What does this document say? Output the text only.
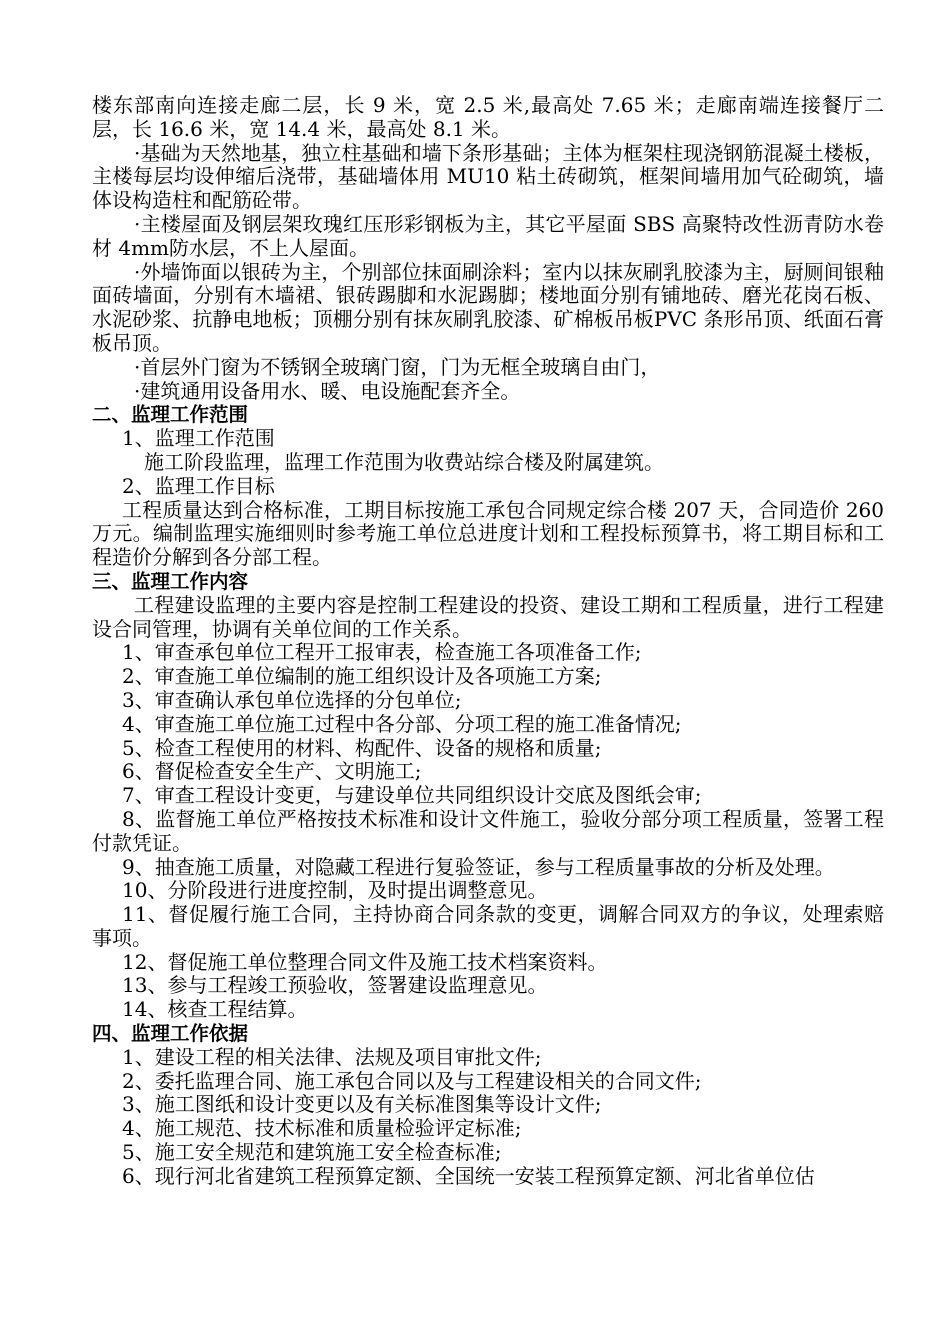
楼东部南向连接走廊二层，长 9 米，宽 2.5 米,最高处 7.65 米；走廊南端连接餐厅二层，长 16.6 米，宽 14.4 米，最高处 8.1 米。

·基础为天然地基，独立柱基础和墙下条形基础；主体为框架柱现浇钢筋混凝土楼板，主楼每层均设伸缩后浇带，基础墙体用 MU10 粘土砖砌筑，框架间墙用加气砼砌筑，墙体设构造柱和配筋砼带。

·主楼屋面及钢层架玫瑰红压形彩钢板为主，其它平屋面 SBS 高聚特改性沥青防水卷材 4mm防水层，不上人屋面。

·外墙饰面以银砖为主，个别部位抹面刷涂料；室内以抹灰刷乳胶漆为主，厨厕间银釉面砖墙面，分别有木墙裙、银砖踢脚和水泥踢脚；楼地面分别有铺地砖、磨光花岗石板、水泥砂浆、抗静电地板；顶棚分别有抹灰刷乳胶漆、矿棉板吊板PVC 条形吊顶、纸面石膏板吊顶。

·首层外门窗为不锈钢全玻璃门窗，门为无框全玻璃自由门，

·建筑通用设备用水、暖、电设施配套齐全。

二、监理工作范围

1、监理工作范围

施工阶段监理，监理工作范围为收费站综合楼及附属建筑。

2、监理工作目标

工程质量达到合格标准，工期目标按施工承包合同规定综合楼 207 天，合同造价 260 万元。编制监理实施细则时参考施工单位总进度计划和工程投标预算书，将工期目标和工程造价分解到各分部工程。

三、监理工作内容

工程建设监理的主要内容是控制工程建设的投资、建设工期和工程质量，进行工程建设合同管理，协调有关单位间的工作关系。

1、审查承包单位工程开工报审表，检查施工各项准备工作;

2、审查施工单位编制的施工组织设计及各项施工方案;

3、审查确认承包单位选择的分包单位;

4、审查施工单位施工过程中各分部、分项工程的施工准备情况;

5、检查工程使用的材料、构配件、设备的规格和质量;

6、督促检查安全生产、文明施工;

7、审查工程设计变更，与建设单位共同组织设计交底及图纸会审;

8、监督施工单位严格按技术标准和设计文件施工，验收分部分项工程质量，签署工程付款凭证。

9、抽查施工质量，对隐藏工程进行复验签证，参与工程质量事故的分析及处理。

10、分阶段进行进度控制，及时提出调整意见。

11、督促履行施工合同，主持协商合同条款的变更，调解合同双方的争议，处理索赔事项。

12、督促施工单位整理合同文件及施工技术档案资料。

13、参与工程竣工预验收，签署建设监理意见。

14、核查工程结算。

四、监理工作依据

1、建设工程的相关法律、法规及项目审批文件;

2、委托监理合同、施工承包合同以及与工程建设相关的合同文件;

3、施工图纸和设计变更以及有关标准图集等设计文件;

4、施工规范、技术标准和质量检验评定标准;

5、施工安全规范和建筑施工安全检查标准;

6、现行河北省建筑工程预算定额、全国统一安装工程预算定额、河北省单位估
